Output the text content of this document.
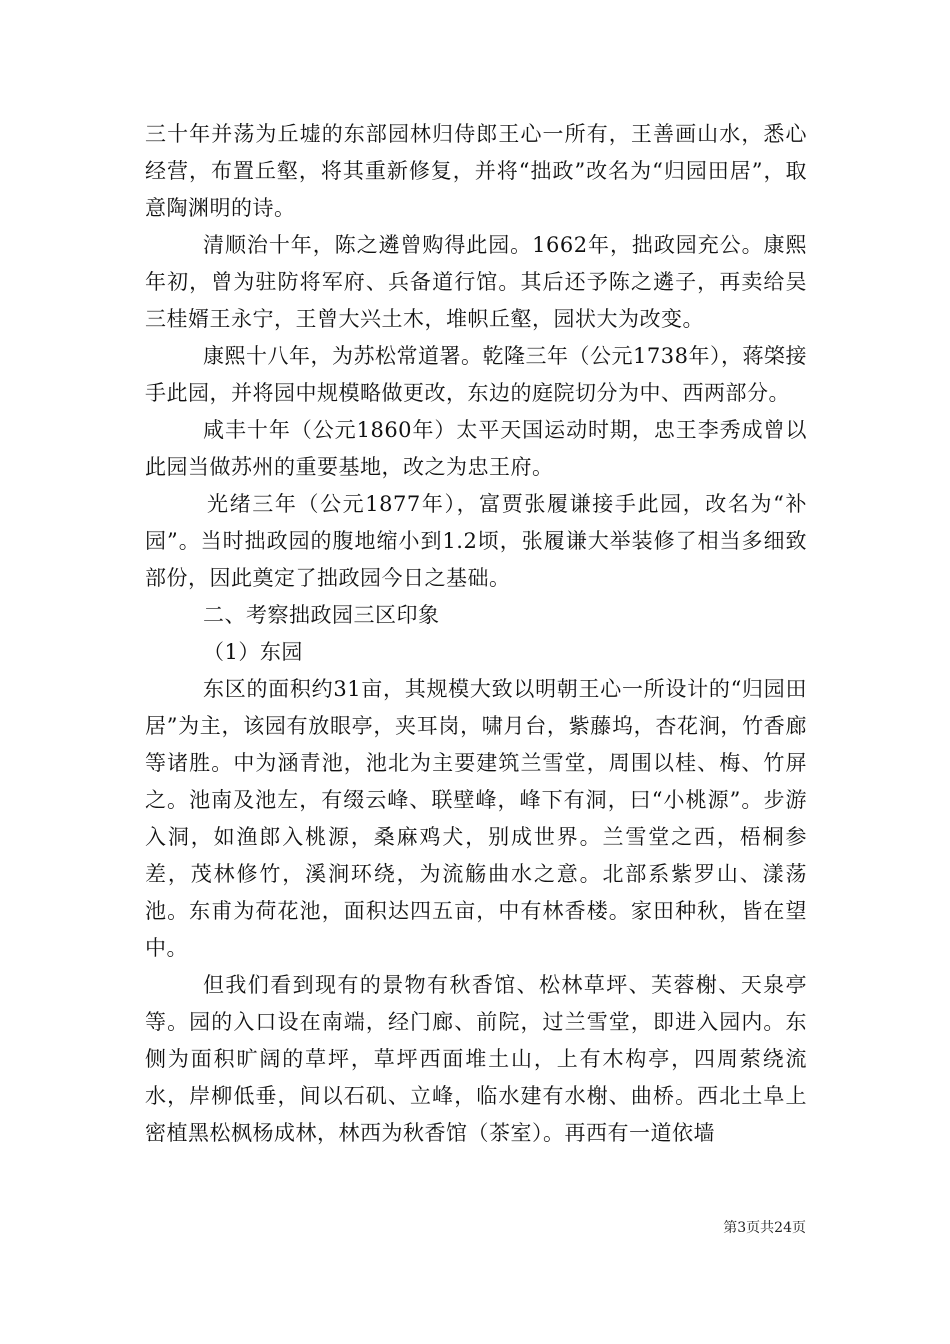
三十年并荡为丘墟的东部园林归侍郎王心一所有，王善画山水，悉心经营，布置丘壑，将其重新修复，并将“拙政”改名为“归园田居”，取意陶渊明的诗。

清顺治十年，陈之遴曾购得此园。1662年，拙政园充公。康熙年初，曾为驻防将军府、兵备道行馆。其后还予陈之遴子，再卖给吴三桂婿王永宁，王曾大兴土木，堆帜丘壑，园状大为改变。

康熙十八年，为苏松常道署。乾隆三年（公元1738年），蒋棨接手此园，并将园中规模略做更改，东边的庭院切分为中、西两部分。

咸丰十年（公元1860年）太平天国运动时期，忠王李秀成曾以此园当做苏州的重要基地，改之为忠王府。

光绪三年（公元1877年），富贾张履谦接手此园，改名为“补园”。当时拙政园的腹地缩小到1.2顷，张履谦大举装修了相当多细致部份，因此奠定了拙政园今日之基础。

二、考察拙政园三区印象

（1）东园

东区的面积约31亩，其规模大致以明朝王心一所设计的“归园田居”为主，该园有放眼亭，夹耳岗，啸月台，紫藤坞，杏花涧，竹香廊等诸胜。中为涵青池，池北为主要建筑兰雪堂，周围以桂、梅、竹屏之。池南及池左，有缀云峰、联壁峰，峰下有洞，曰“小桃源”。步游入洞，如渔郎入桃源，桑麻鸡犬，别成世界。兰雪堂之西，梧桐参差，茂林修竹，溪涧环绕，为流觞曲水之意。北部系紫罗山、漾荡池。东甫为荷花池，面积达四五亩，中有林香楼。家田种秋，皆在望中。

但我们看到现有的景物有秋香馆、松林草坪、芙蓉榭、天泉亭等。园的入口设在南端，经门廊、前院，过兰雪堂，即进入园内。东侧为面积旷阔的草坪，草坪西面堆土山，上有木构亭，四周萦绕流水，岸柳低垂，间以石矶、立峰，临水建有水榭、曲桥。西北土阜上密植黑松枫杨成林，林西为秋香馆（茶室）。再西有一道依墙

第3页共24页
